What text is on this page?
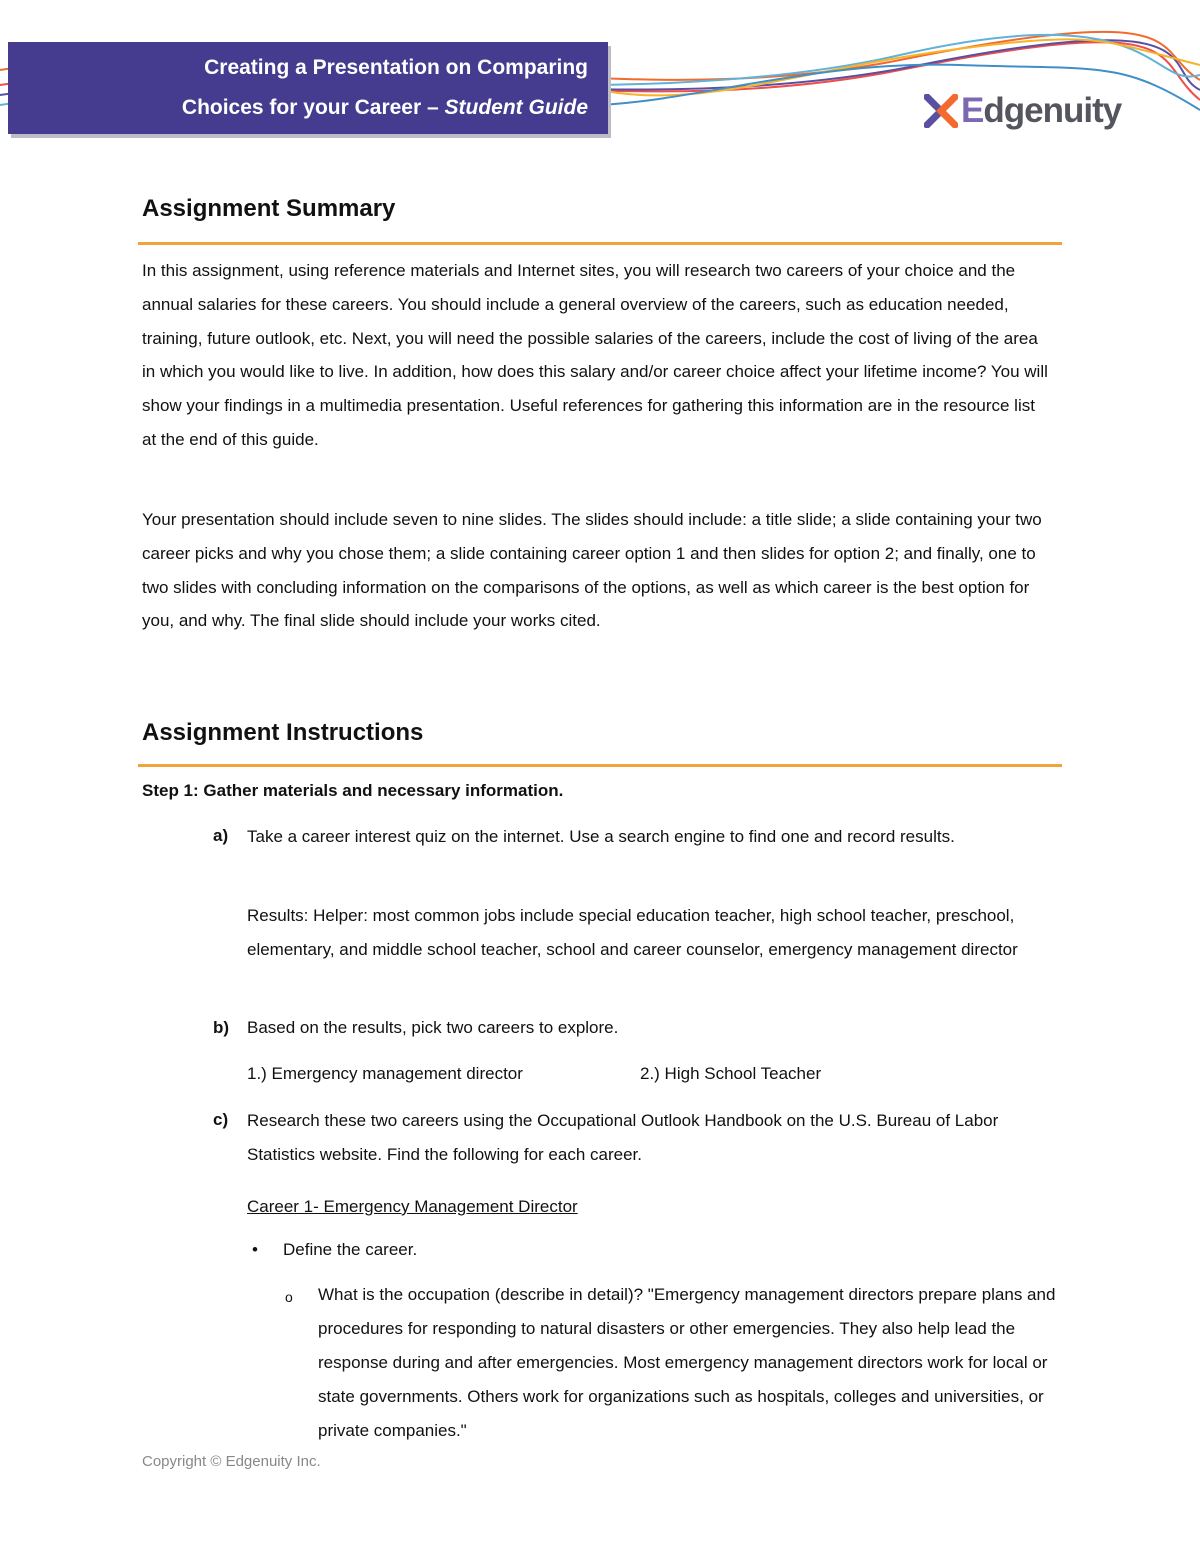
Creating a Presentation on Comparing
Choices for your Career – Student Guide	Edgenuity
Assignment Summary

In this assignment, using reference materials and Internet sites, you will research two careers of your choice and the annual salaries for these careers. You should include a general overview of the careers, such as education needed, training, future outlook, etc. Next, you will need the possible salaries of the careers, include the cost of living of the area in which you would like to live. In addition, how does this salary and/or career choice affect your lifetime income? You will show your findings in a multimedia presentation. Useful references for gathering this information are in the resource list at the end of this guide.

Your presentation should include seven to nine slides. The slides should include: a title slide; a slide containing your two career picks and why you chose them; a slide containing career option 1 and then slides for option 2; and finally, one to two slides with concluding information on the comparisons of the options, as well as which career is the best option for you, and why. The final slide should include your works cited.

Assignment Instructions

Step 1: Gather materials and necessary information.

a) Take a career interest quiz on the internet. Use a search engine to find one and record results.

Results: Helper: most common jobs include special education teacher, high school teacher, preschool, elementary, and middle school teacher, school and career counselor, emergency management director

b) Based on the results, pick two careers to explore.

1.) Emergency management director	2.) High School Teacher
c) Research these two careers using the Occupational Outlook Handbook on the U.S. Bureau of Labor Statistics website. Find the following for each career.

Career 1- Emergency Management Director
• Define the career.
o What is the occupation (describe in detail)? "Emergency management directors prepare plans and procedures for responding to natural disasters or other emergencies. They also help lead the response during and after emergencies. Most emergency management directors work for local or state governments. Others work for organizations such as hospitals, colleges and universities, or private companies."

Copyright © Edgenuity Inc.
